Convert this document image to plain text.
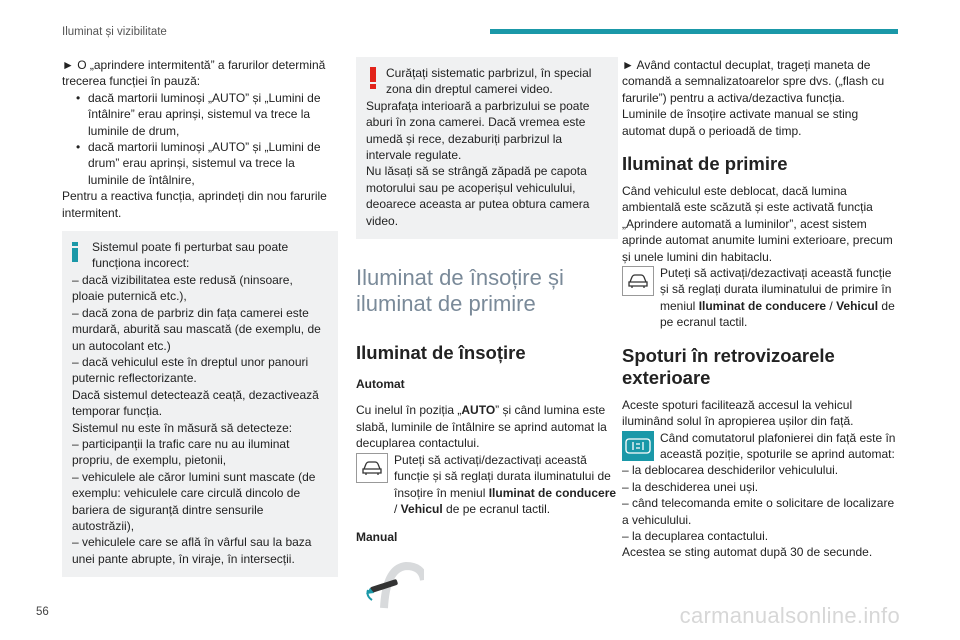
Iluminat și vizibilitate

► O „aprindere intermitentă” a farurilor determină trecerea funcției în pauză:

• dacă martorii luminoși „AUTO” și „Lumini de întâlnire” erau aprinși, sistemul va trece la luminile de drum,
• dacă martorii luminoși „AUTO” și „Lumini de drum” erau aprinși, sistemul va trece la luminile de întâlnire,

Pentru a reactiva funcția, aprindeți din nou farurile intermitent.

Sistemul poate fi perturbat sau poate funcționa incorect:

– dacă vizibilitatea este redusă (ninsoare, ploaie puternică etc.),

– dacă zona de parbriz din fața camerei este murdară, aburită sau mascată (de exemplu, de un autocolant etc.)

– dacă vehiculul este în dreptul unor panouri puternic reflectorizante.

Dacă sistemul detectează ceață, dezactivează temporar funcția.

Sistemul nu este în măsură să detecteze:

– participanții la trafic care nu au iluminat propriu, de exemplu, pietonii,

– vehiculele ale căror lumini sunt mascate (de exemplu: vehiculele care circulă dincolo de bariera de siguranță dintre sensurile autostrăzii),

– vehiculele care se află în vârful sau la baza unei pante abrupte, în viraje, în intersecții.

Curățați sistematic parbrizul, în special zona din dreptul camerei video.

Suprafața interioară a parbrizului se poate aburi în zona camerei. Dacă vremea este umedă și rece, dezaburiți parbrizul la intervale regulate.

Nu lăsați să se strângă zăpadă pe capota motorului sau pe acoperișul vehiculului, deoarece aceasta ar putea obtura camera video.

Iluminat de însoțire și iluminat de primire
Iluminat de însoțire
Automat

Cu inelul în poziția „AUTO” și când lumina este slabă, luminile de întâlnire se aprind automat la decuplarea contactului.

Puteți să activați/dezactivați această funcție și să reglați durata iluminatului de însoțire în meniul Iluminat de conducere / Vehicul de pe ecranul tactil.
Manual

► Având contactul decuplat, trageți maneta de comandă a semnalizatoarelor spre dvs. („flash cu farurile”) pentru a activa/dezactiva funcția.

Luminile de însoțire activate manual se sting automat după o perioadă de timp.

Iluminat de primire

Când vehiculul este deblocat, dacă lumina ambientală este scăzută și este activată funcția „Aprindere automată a luminilor”, acest sistem aprinde automat anumite lumini exterioare, precum și unele lumini din habitaclu.

Puteți să activați/dezactivați această funcție și să reglați durata iluminatului de primire în meniul Iluminat de conducere / Vehicul de pe ecranul tactil.
Spoturi în retrovizoarele exterioare

Aceste spoturi facilitează accesul la vehicul iluminând solul în apropierea ușilor din față.

Când comutatorul plafonierei din față este în această poziție, spoturile se aprind automat:

– la deblocarea deschiderilor vehiculului.

– la deschiderea unei uși.

– când telecomanda emite o solicitare de localizare a vehiculului.

– la decuplarea contactului.

Acestea se sting automat după 30 de secunde.

56	carmanualsonline.info
